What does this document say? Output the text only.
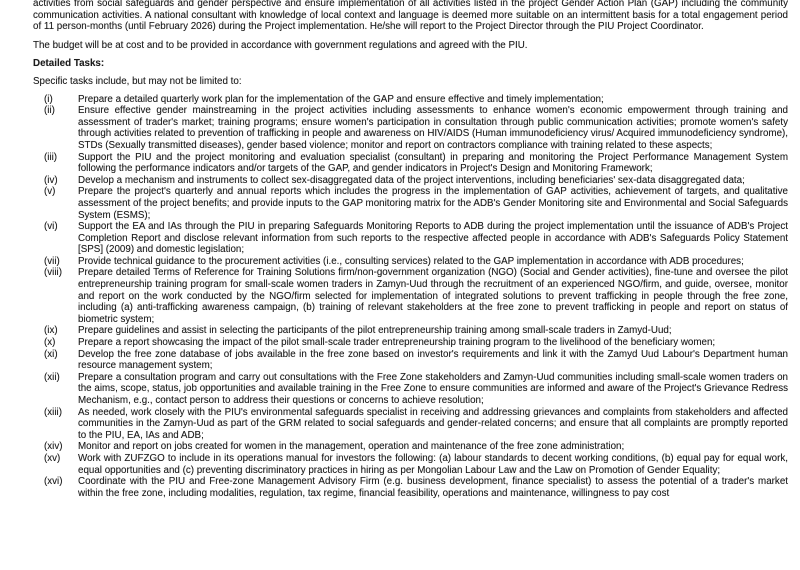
activities from social safeguards and gender perspective and ensure implementation of all activities listed in the project Gender Action Plan (GAP) including the community communication activities. A national consultant with knowledge of local context and language is deemed more suitable on an intermittent basis for a total engagement period of 11 person-months (until February 2026) during the Project implementation. He/she will report to the Project Director through the PIU Project Coordinator.

The budget will be at cost and to be provided in accordance with government regulations and agreed with the PIU.

Detailed Tasks:

Specific tasks include, but may not be limited to:

(i)	Prepare a detailed quarterly work plan for the implementation of the GAP and ensure effective and timely implementation;
(ii)	Ensure effective gender mainstreaming in the project activities including assessments to enhance women's economic empowerment through training and assessment of trader's market; training programs; ensure women's participation in consultation through public communication activities; promote women's safety through activities related to prevention of trafficking in people and awareness on HIV/AIDS (Human immunodeficiency virus/ Acquired immunodeficiency syndrome), STDs (Sexually transmitted diseases), gender based violence; monitor and report on contractors compliance with training related to these aspects;
(iii)	Support the PIU and the project monitoring and evaluation specialist (consultant) in preparing and monitoring the Project Performance Management System following the performance indicators and/or targets of the GAP, and gender indicators in Project's Design and Monitoring Framework;
(iv)	Develop a mechanism and instruments to collect sex-disaggregated data of the project interventions, including beneficiaries' sex-data disaggregated data;
(v)	Prepare the project's quarterly and annual reports which includes the progress in the implementation of GAP activities, achievement of targets, and qualitative assessment of the project benefits; and provide inputs to the GAP monitoring matrix for the ADB's Gender Monitoring site and Environmental and Social Safeguards System (ESMS);
(vi)	Support the EA and IAs through the PIU in preparing Safeguards Monitoring Reports to ADB during the project implementation until the issuance of ADB's Project Completion Report and disclose relevant information from such reports to the respective affected people in accordance with ADB's Safeguards Policy Statement [SPS] (2009) and domestic legislation;
(vii)	Provide technical guidance to the procurement activities (i.e., consulting services) related to the GAP implementation in accordance with ADB procedures;
(viii)	Prepare detailed Terms of Reference for Training Solutions firm/non-government organization (NGO) (Social and Gender activities), fine-tune and oversee the pilot entrepreneurship training program for small-scale women traders in Zamyn-Uud through the recruitment of an experienced NGO/firm, and guide, oversee, monitor and report on the work conducted by the NGO/firm selected for implementation of integrated solutions to prevent trafficking in people through the free zone, including (a) anti-trafficking awareness campaign, (b) training of relevant stakeholders at the free zone to prevent trafficking in people and report on status of biometric system;
(ix)	Prepare guidelines and assist in selecting the participants of the pilot entrepreneurship training among small-scale traders in Zamyd-Uud;
(x)	Prepare a report showcasing the impact of the pilot small-scale trader entrepreneurship training program to the livelihood of the beneficiary women;
(xi)	Develop the free zone database of jobs available in the free zone based on investor's requirements and link it with the Zamyd Uud Labour's Department human resource management system;
(xii)	Prepare a consultation program and carry out consultations with the Free Zone stakeholders and Zamyn-Uud communities including small-scale women traders on the aims, scope, status, job opportunities and available training in the Free Zone to ensure communities are informed and aware of the Project's Grievance Redress Mechanism, e.g., contact person to address their questions or concerns to achieve resolution;
(xiii)	As needed, work closely with the PIU's environmental safeguards specialist in receiving and addressing grievances and complaints from stakeholders and affected communities in the Zamyn-Uud as part of the GRM related to social safeguards and gender-related concerns; and ensure that all complaints are promptly reported to the PIU, EA, IAs and ADB;
(xiv)	Monitor and report on jobs created for women in the management, operation and maintenance of the free zone administration;
(xv)	Work with ZUFZGO to include in its operations manual for investors the following: (a) labour standards to decent working conditions, (b) equal pay for equal work, equal opportunities and (c) preventing discriminatory practices in hiring as per Mongolian Labour Law and the Law on Promotion of Gender Equality;
(xvi)	Coordinate with the PIU and Free-zone Management Advisory Firm (e.g. business development, finance specialist) to assess the potential of a trader's market within the free zone, including modalities, regulation, tax regime, financial feasibility, operations and maintenance, willingness to pay cost
